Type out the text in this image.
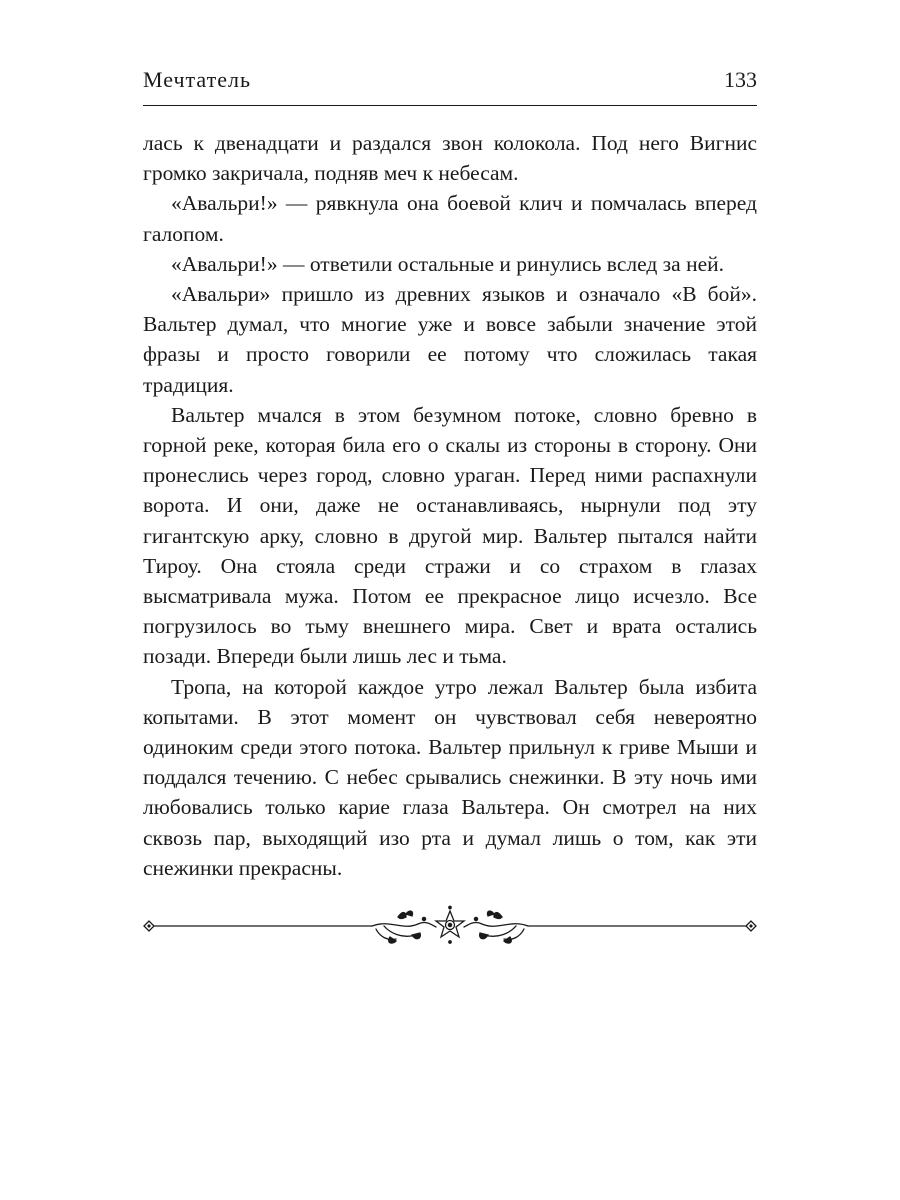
Мечтатель	133

лась к двенадцати и раздался звон колокола. Под него Вигнис громко закричала, подняв меч к небесам.

«Авальри!» — рявкнула она боевой клич и помчалась вперед галопом.

«Авальри!» — ответили остальные и ринулись вслед за ней.

«Авальри» пришло из древних языков и означало «В бой». Вальтер думал, что многие уже и вовсе забыли значение этой фразы и просто говорили ее потому что сложилась такая традиция.

Вальтер мчался в этом безумном потоке, словно бревно в горной реке, которая била его о скалы из стороны в сторону. Они пронеслись через город, словно ураган. Перед ними распахнули ворота. И они, даже не останавливаясь, нырнули под эту гигантскую арку, словно в другой мир. Вальтер пытался найти Тироу. Она стояла среди стражи и со страхом в глазах высматривала мужа. Потом ее прекрасное лицо исчезло. Все погрузилось во тьму внешнего мира. Свет и врата остались позади. Впереди были лишь лес и тьма.

Тропа, на которой каждое утро лежал Вальтер была избита копытами. В этот момент он чувствовал себя невероятно одиноким среди этого потока. Вальтер прильнул к гриве Мыши и поддался течению. С небес срывались снежинки. В эту ночь ими любовались только карие глаза Вальтера. Он смотрел на них сквозь пар, выходящий изо рта и думал лишь о том, как эти снежинки прекрасны.
